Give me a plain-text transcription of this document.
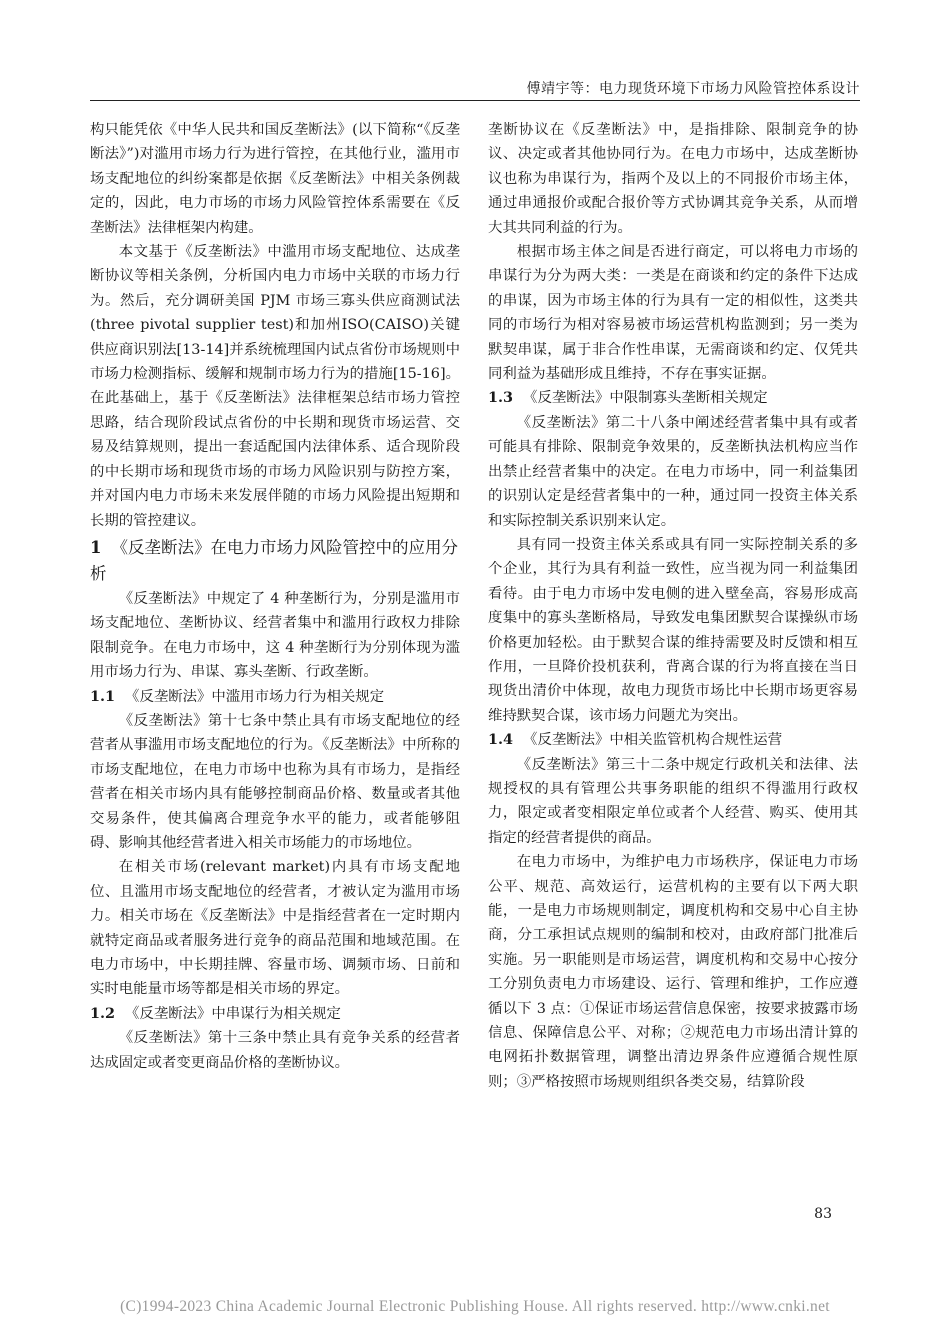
傅靖宇等：电力现货环境下市场力风险管控体系设计

构只能凭依《中华人民共和国反垄断法》(以下简称“《反垄断法》”)对滥用市场力行为进行管控，在其他行业，滥用市场支配地位的纠纷案都是依据《反垄断法》中相关条例裁定的，因此，电力市场的市场力风险管控体系需要在《反垄断法》法律框架内构建。

本文基于《反垄断法》中滥用市场支配地位、达成垄断协议等相关条例，分析国内电力市场中关联的市场力行为。然后，充分调研美国 PJM 市场三寡头供应商测试法(three pivotal supplier test)和加州ISO(CAISO)关键供应商识别法[13-14]并系统梳理国内试点省份市场规则中市场力检测指标、缓解和规制市场力行为的措施[15-16]。在此基础上，基于《反垄断法》法律框架总结市场力管控思路，结合现阶段试点省份的中长期和现货市场运营、交易及结算规则，提出一套适配国内法律体系、适合现阶段的中长期市场和现货市场的市场力风险识别与防控方案，并对国内电力市场未来发展伴随的市场力风险提出短期和长期的管控建议。

1 《反垄断法》在电力市场力风险管控中的应用分析

《反垄断法》中规定了 4 种垄断行为，分别是滥用市场支配地位、垄断协议、经营者集中和滥用行政权力排除限制竞争。在电力市场中，这 4 种垄断行为分别体现为滥用市场力行为、串谋、寡头垄断、行政垄断。

1.1 《反垄断法》中滥用市场力行为相关规定

《反垄断法》第十七条中禁止具有市场支配地位的经营者从事滥用市场支配地位的行为。《反垄断法》中所称的市场支配地位，在电力市场中也称为具有市场力，是指经营者在相关市场内具有能够控制商品价格、数量或者其他交易条件，使其偏离合理竞争水平的能力，或者能够阻碍、影响其他经营者进入相关市场能力的市场地位。

在相关市场(relevant market)内具有市场支配地位、且滥用市场支配地位的经营者，才被认定为滥用市场力。相关市场在《反垄断法》中是指经营者在一定时期内就特定商品或者服务进行竞争的商品范围和地域范围。在电力市场中，中长期挂牌、容量市场、调频市场、日前和实时电能量市场等都是相关市场的界定。

1.2 《反垄断法》中串谋行为相关规定

《反垄断法》第十三条中禁止具有竞争关系的经营者达成固定或者变更商品价格的垄断协议。

垄断协议在《反垄断法》中，是指排除、限制竞争的协议、决定或者其他协同行为。在电力市场中，达成垄断协议也称为串谋行为，指两个及以上的不同报价市场主体，通过串通报价或配合报价等方式协调其竞争关系，从而增大其共同利益的行为。

根据市场主体之间是否进行商定，可以将电力市场的串谋行为分为两大类：一类是在商谈和约定的条件下达成的串谋，因为市场主体的行为具有一定的相似性，这类共同的市场行为相对容易被市场运营机构监测到；另一类为默契串谋，属于非合作性串谋，无需商谈和约定、仅凭共同利益为基础形成且维持，不存在事实证据。

1.3 《反垄断法》中限制寡头垄断相关规定

《反垄断法》第二十八条中阐述经营者集中具有或者可能具有排除、限制竞争效果的，反垄断执法机构应当作出禁止经营者集中的决定。在电力市场中，同一利益集团的识别认定是经营者集中的一种，通过同一投资主体关系和实际控制关系识别来认定。

具有同一投资主体关系或具有同一实际控制关系的多个企业，其行为具有利益一致性，应当视为同一利益集团看待。由于电力市场中发电侧的进入壁垒高，容易形成高度集中的寡头垄断格局，导致发电集团默契合谋操纵市场价格更加轻松。由于默契合谋的维持需要及时反馈和相互作用，一旦降价投机获利，背离合谋的行为将直接在当日现货出清价中体现，故电力现货市场比中长期市场更容易维持默契合谋，该市场力问题尤为突出。

1.4 《反垄断法》中相关监管机构合规性运营

《反垄断法》第三十二条中规定行政机关和法律、法规授权的具有管理公共事务职能的组织不得滥用行政权力，限定或者变相限定单位或者个人经营、购买、使用其指定的经营者提供的商品。

在电力市场中，为维护电力市场秩序，保证电力市场公平、规范、高效运行，运营机构的主要有以下两大职能，一是电力市场规则制定，调度机构和交易中心自主协商，分工承担试点规则的编制和校对，由政府部门批准后实施。另一职能则是市场运营，调度机构和交易中心按分工分别负责电力市场建设、运行、管理和维护，工作应遵循以下 3 点：①保证市场运营信息保密，按要求披露市场信息、保障信息公平、对称；②规范电力市场出清计算的电网拓扑数据管理，调整出清边界条件应遵循合规性原则；③严格按照市场规则组织各类交易，结算阶段

83
(C)1994-2023 China Academic Journal Electronic Publishing House. All rights reserved. http://www.cnki.net
